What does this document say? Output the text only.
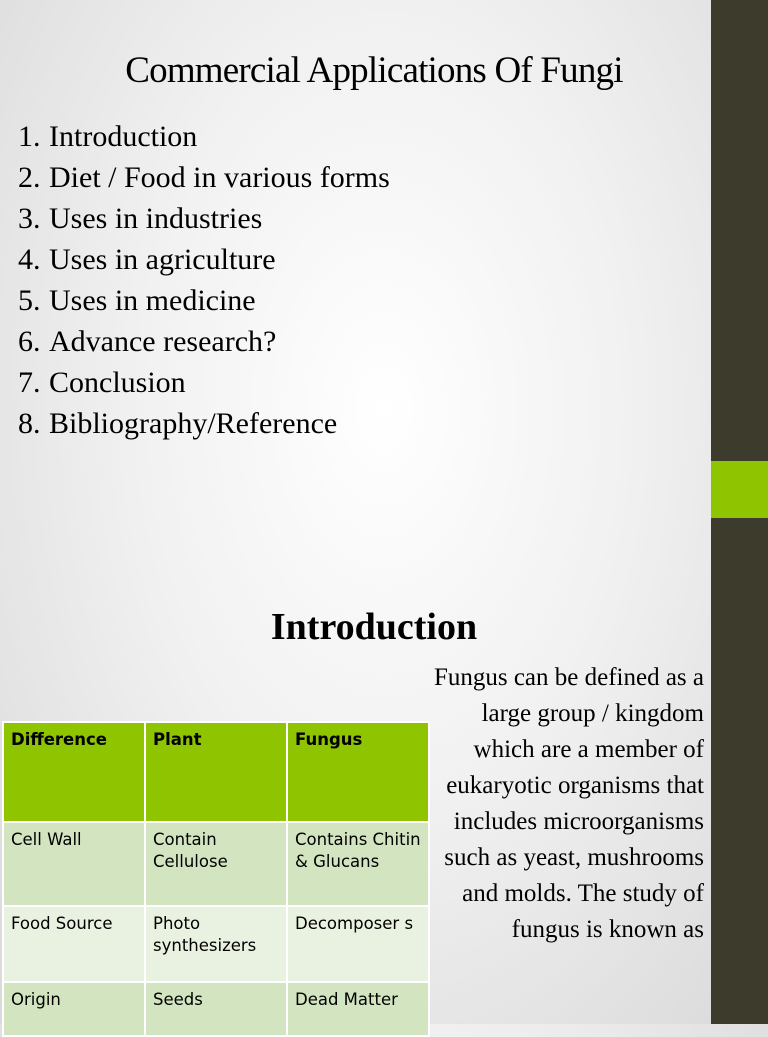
Commercial Applications Of Fungi
1. Introduction
2. Diet / Food in various forms
3. Uses in industries
4. Uses in agriculture
5. Uses in medicine
6. Advance research?
7. Conclusion
8. Bibliography/Reference
Introduction
Fungus can be defined as a large group / kingdom which are a member of eukaryotic organisms that includes microorganisms such as yeast, mushrooms and molds. The study of fungus is known as
Difference	Plant	Fungus
Cell Wall	Contain Cellulose	Contains Chitin & Glucans
Food Source	Photo synthesizers	Decomposer s
Origin	Seeds	Dead Matter
